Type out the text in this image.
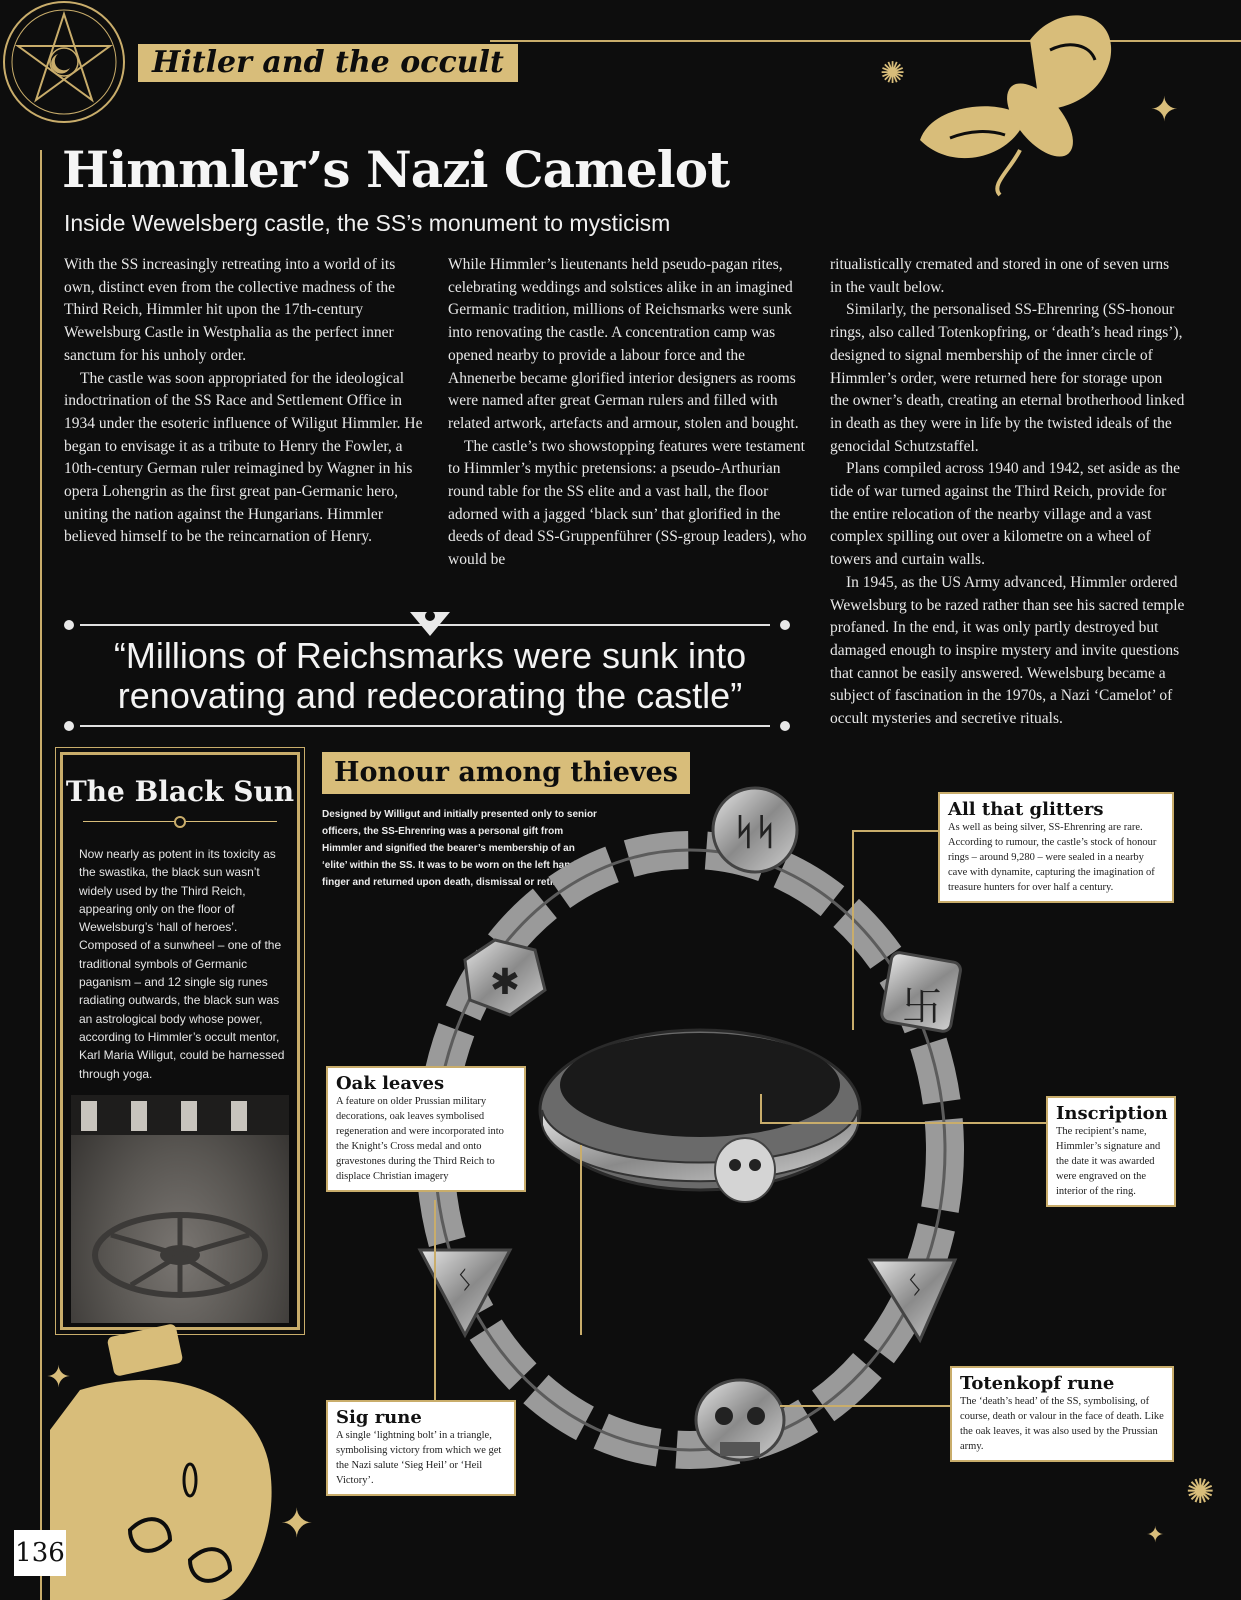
✺
✦
Hitler and the occult
Himmler’s Nazi Camelot
Inside Wewelsberg castle, the SS’s monument to mysticism

With the SS increasingly retreating into a world of its own, distinct even from the collective madness of the Third Reich, Himmler hit upon the 17th-century Wewelsburg Castle in Westphalia as the perfect inner sanctum for his unholy order.

The castle was soon appropriated for the ideological indoctrination of the SS Race and Settlement Office in 1934 under the esoteric influence of Wiligut Himmler. He began to envisage it as a tribute to Henry the Fowler, a 10th-century German ruler reimagined by Wagner in his opera Lohengrin as the first great pan-Germanic hero, uniting the nation against the Hungarians. Himmler believed himself to be the reincarnation of Henry.

While Himmler’s lieutenants held pseudo-pagan rites, celebrating weddings and solstices alike in an imagined Germanic tradition, millions of Reichsmarks were sunk into renovating the castle. A concentration camp was opened nearby to provide a labour force and the Ahnenerbe became glorified interior designers as rooms were named after great German rulers and filled with related artwork, artefacts and armour, stolen and bought.

The castle’s two showstopping features were testament to Himmler’s mythic pretensions: a pseudo-Arthurian round table for the SS elite and a vast hall, the floor adorned with a jagged ‘black sun’ that glorified in the deeds of dead SS-Gruppenführer (SS-group leaders), who would be

ritualistically cremated and stored in one of seven urns in the vault below.

Similarly, the personalised SS-Ehrenring (SS-honour rings, also called Totenkopfring, or ‘death’s head rings’), designed to signal membership of the inner circle of Himmler’s order, were returned here for storage upon the owner’s death, creating an eternal brotherhood linked in death as they were in life by the twisted ideals of the genocidal Schutzstaffel.

Plans compiled across 1940 and 1942, set aside as the tide of war turned against the Third Reich, provide for the entire relocation of the nearby village and a vast complex spilling out over a kilometre on a wheel of towers and curtain walls.

In 1945, as the US Army advanced, Himmler ordered Wewelsburg to be razed rather than see his sacred temple profaned. In the end, it was only partly destroyed but damaged enough to inspire mystery and invite questions that cannot be easily answered. Wewelsburg became a subject of fascination in the 1970s, a Nazi ‘Camelot’ of occult mysteries and secretive rituals.

“Millions of Reichsmarks were sunk into renovating and redecorating the castle”
The Black Sun
Now nearly as potent in its toxicity as the swastika, the black sun wasn’t widely used by the Third Reich, appearing only on the floor of Wewelsburg’s ‘hall of heroes’. Composed of a sunwheel – one of the traditional symbols of Germanic paganism – and 12 single sig runes radiating outwards, the black sun was an astrological body whose power, according to Himmler’s occult mentor, Karl Maria Wiligut, could be harnessed through yoga.
Honour among thieves
Designed by Willigut and initially presented only to senior officers, the SS-Ehrenring was a personal gift from Himmler and signified the bearer’s membership of an ‘elite’ within the SS. It was to be worn on the left hand ring finger and returned upon death, dismissal or retirement.
ᛋᛋ
✱
卐
ᛊ	ᛊ
All that glitters

As well as being silver, SS-Ehrenring are rare. According to rumour, the castle’s stock of honour rings – around 9,280 – were sealed in a nearby cave with dynamite, capturing the imagination of treasure hunters for over half a century.

Oak leaves

A feature on older Prussian military decorations, oak leaves symbolised regeneration and were incorporated into the Knight’s Cross medal and onto gravestones during the Third Reich to displace Christian imagery

Inscription

The recipient’s name, Himmler’s signature and the date it was awarded were engraved on the interior of the ring.

Sig rune

A single ‘lightning bolt’ in a triangle, symbolising victory from which we get the Nazi salute ‘Sieg Heil’ or ‘Heil Victory’.

Totenkopf rune

The ‘death’s head’ of the SS, symbolising, of course, death or valour in the face of death. Like the oak leaves, it was also used by the Prussian army.

✦
✦
✺
✦
136
